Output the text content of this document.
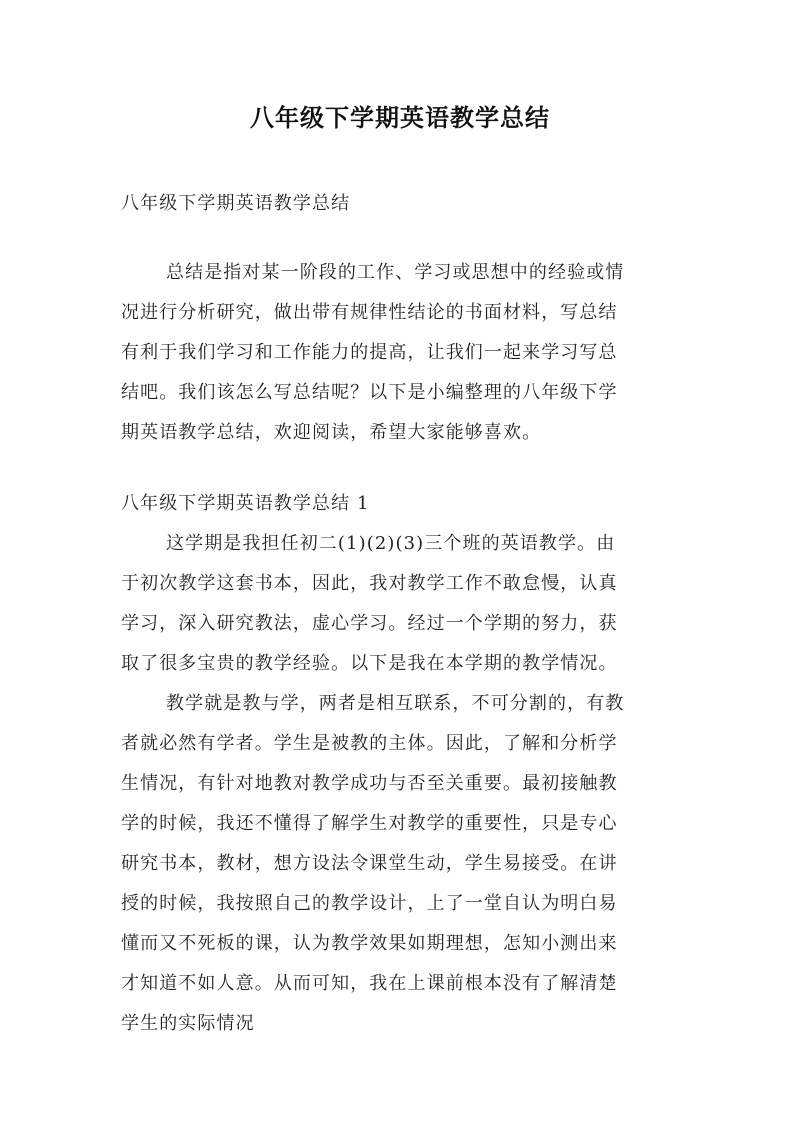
八年级下学期英语教学总结
八年级下学期英语教学总结
总结是指对某一阶段的工作、学习或思想中的经验或情
况进行分析研究，做出带有规律性结论的书面材料，写总结
有利于我们学习和工作能力的提高，让我们一起来学习写总
结吧。我们该怎么写总结呢？以下是小编整理的八年级下学
期英语教学总结，欢迎阅读，希望大家能够喜欢。
八年级下学期英语教学总结 1
这学期是我担任初二(1)(2)(3)三个班的英语教学。由
于初次教学这套书本，因此，我对教学工作不敢怠慢，认真
学习，深入研究教法，虚心学习。经过一个学期的努力，获
取了很多宝贵的教学经验。以下是我在本学期的教学情况。
教学就是教与学，两者是相互联系，不可分割的，有教
者就必然有学者。学生是被教的主体。因此，了解和分析学
生情况，有针对地教对教学成功与否至关重要。最初接触教
学的时候，我还不懂得了解学生对教学的重要性，只是专心
研究书本，教材，想方设法令课堂生动，学生易接受。在讲
授的时候，我按照自己的教学设计，上了一堂自认为明白易
懂而又不死板的课，认为教学效果如期理想，怎知小测出来
才知道不如人意。从而可知，我在上课前根本没有了解清楚
学生的实际情况
